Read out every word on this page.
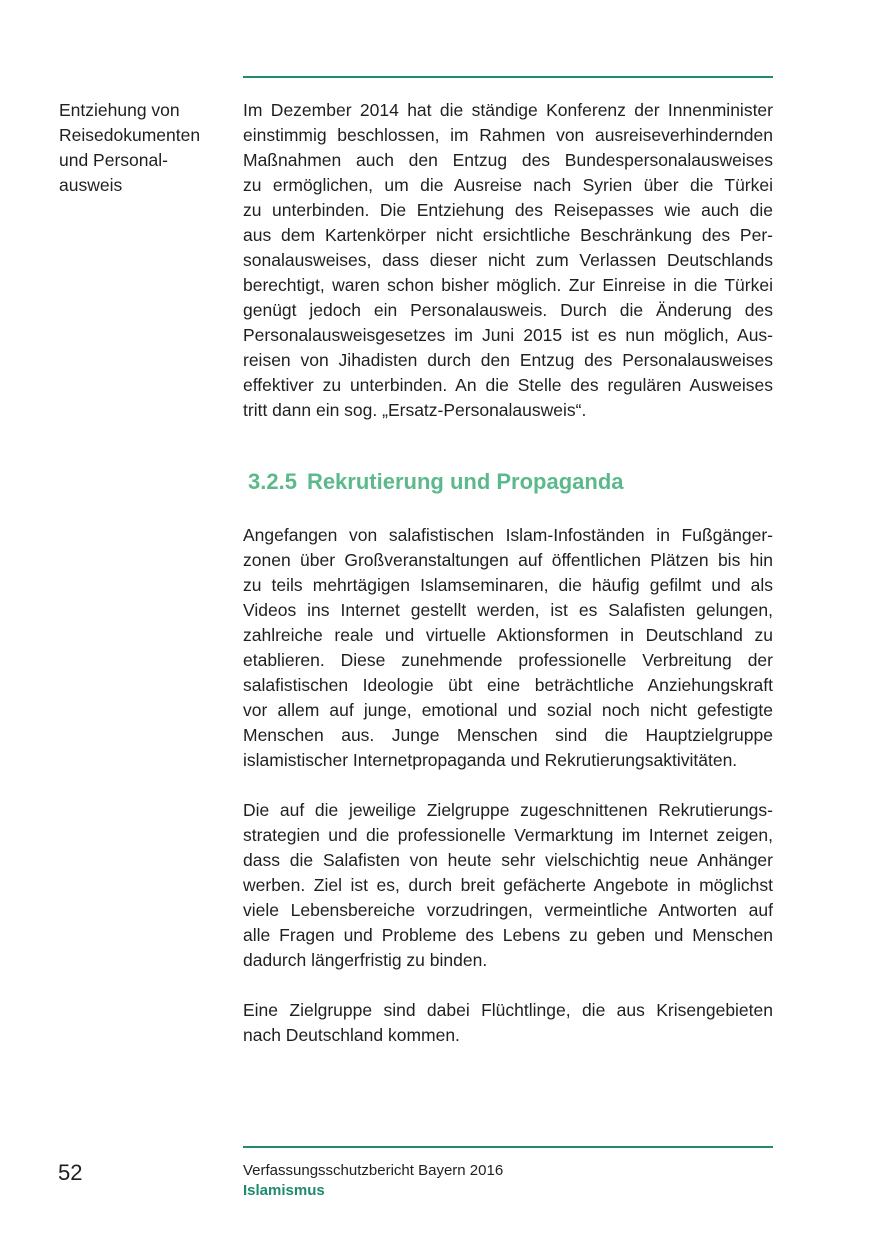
Entziehung von
Reisedokumenten
und Personal-
ausweis

Im Dezember 2014 hat die ständige Konferenz der Innenminister
einstimmig beschlossen, im Rahmen von ausreiseverhindernden
Maßnahmen auch den Entzug des Bundespersonalausweises
zu ermöglichen, um die Ausreise nach Syrien über die Türkei
zu unterbinden. Die Entziehung des Reisepasses wie auch die
aus dem Kartenkörper nicht ersichtliche Beschränkung des Per-
sonalausweises, dass dieser nicht zum Verlassen Deutschlands
berechtigt, waren schon bisher möglich. Zur Einreise in die Türkei
genügt jedoch ein Personalausweis. Durch die Änderung des
Personalausweisgesetzes im Juni 2015 ist es nun möglich, Aus-
reisen von Jihadisten durch den Entzug des Personalausweises
effektiver zu unterbinden. An die Stelle des regulären Ausweises
tritt dann ein sog. „Ersatz-Personalausweis“.

3.2.5 Rekrutierung und Propaganda

Angefangen von salafistischen Islam-Infoständen in Fußgänger-
zonen über Großveranstaltungen auf öffentlichen Plätzen bis hin
zu teils mehrtägigen Islamseminaren, die häufig gefilmt und als
Videos ins Internet gestellt werden, ist es Salafisten gelungen,
zahlreiche reale und virtuelle Aktionsformen in Deutschland zu
etablieren. Diese zunehmende professionelle Verbreitung der
salafistischen Ideologie übt eine beträchtliche Anziehungskraft
vor allem auf junge, emotional und sozial noch nicht gefestigte
Menschen aus. Junge Menschen sind die Hauptzielgruppe
islamistischer Internetpropaganda und Rekrutierungsaktivitäten.

Die auf die jeweilige Zielgruppe zugeschnittenen Rekrutierungs-
strategien und die professionelle Vermarktung im Internet zeigen,
dass die Salafisten von heute sehr vielschichtig neue Anhänger
werben. Ziel ist es, durch breit gefächerte Angebote in möglichst
viele Lebensbereiche vorzudringen, vermeintliche Antworten auf
alle Fragen und Probleme des Lebens zu geben und Menschen
dadurch längerfristig zu binden.

Eine Zielgruppe sind dabei Flüchtlinge, die aus Krisengebieten
nach Deutschland kommen.

52	Verfassungsschutzbericht Bayern 2016
Islamismus
